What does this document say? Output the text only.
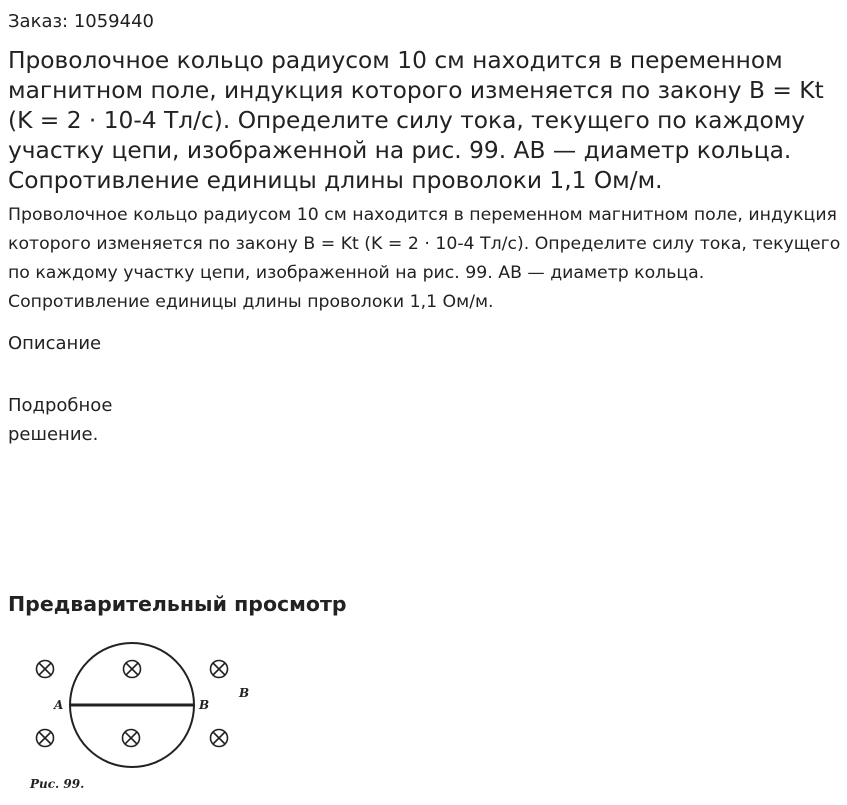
Заказ: 1059440
Проволочное кольцо радиусом 10 см находится в переменном магнитном поле, индукция которого изменяется по закону B = Kt (K = 2 · 10-4 Тл/с). Определите силу тока, текущего по каждому участку цепи, изображенной на рис. 99. AB — диаметр кольца. Сопротивление единицы длины проволоки 1,1 Ом/м.

Проволочное кольцо радиусом 10 см находится в переменном магнитном поле, индукция которого изменяется по закону B = Kt (K = 2 · 10-4 Тл/с). Определите силу тока, текущего по каждому участку цепи, изображенной на рис. 99. AB — диаметр кольца. Сопротивление единицы длины проволоки 1,1 Ом/м.

Описание
Подробное решение.
Предварительный просмотр
A	B
B
Рис. 99.
